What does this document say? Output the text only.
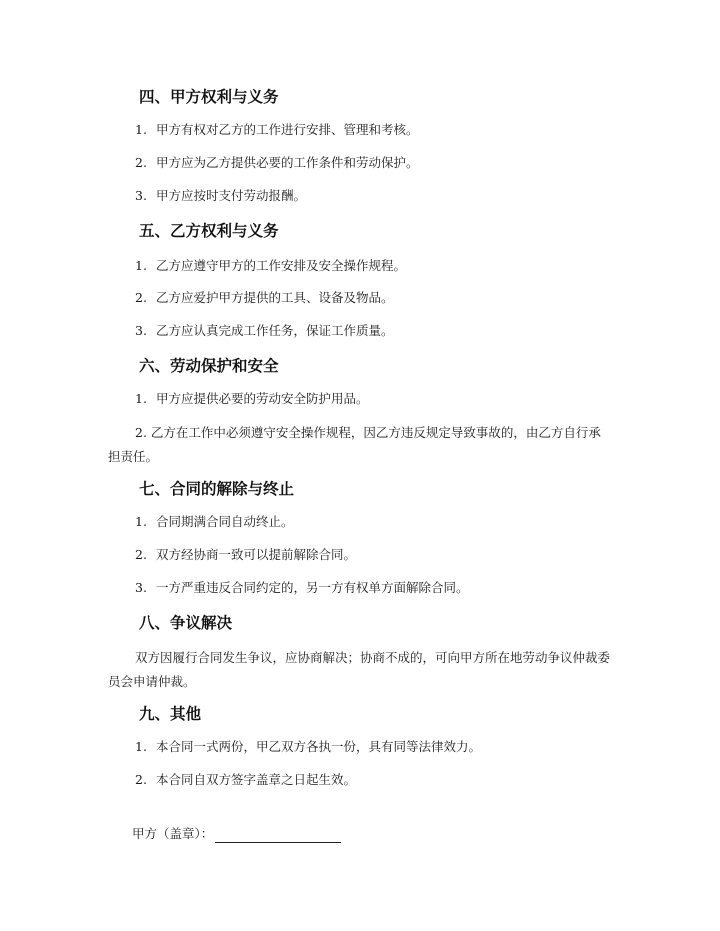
四、甲方权利与义务
1. 甲方有权对乙方的工作进行安排、管理和考核。
2. 甲方应为乙方提供必要的工作条件和劳动保护。
3. 甲方应按时支付劳动报酬。
五、乙方权利与义务
1. 乙方应遵守甲方的工作安排及安全操作规程。
2. 乙方应爱护甲方提供的工具、设备及物品。
3. 乙方应认真完成工作任务，保证工作质量。
六、劳动保护和安全
1. 甲方应提供必要的劳动安全防护用品。
2. 乙方在工作中必须遵守安全操作规程，因乙方违反规定导致事故的，由乙方自行承担责任。
七、合同的解除与终止
1. 合同期满合同自动终止。
2. 双方经协商一致可以提前解除合同。
3. 一方严重违反合同约定的，另一方有权单方面解除合同。
八、争议解决
双方因履行合同发生争议，应协商解决；协商不成的，可向甲方所在地劳动争议仲裁委员会申请仲裁。
九、其他
1. 本合同一式两份，甲乙双方各执一份，具有同等法律效力。
2. 本合同自双方签字盖章之日起生效。
甲方（盖章）：
